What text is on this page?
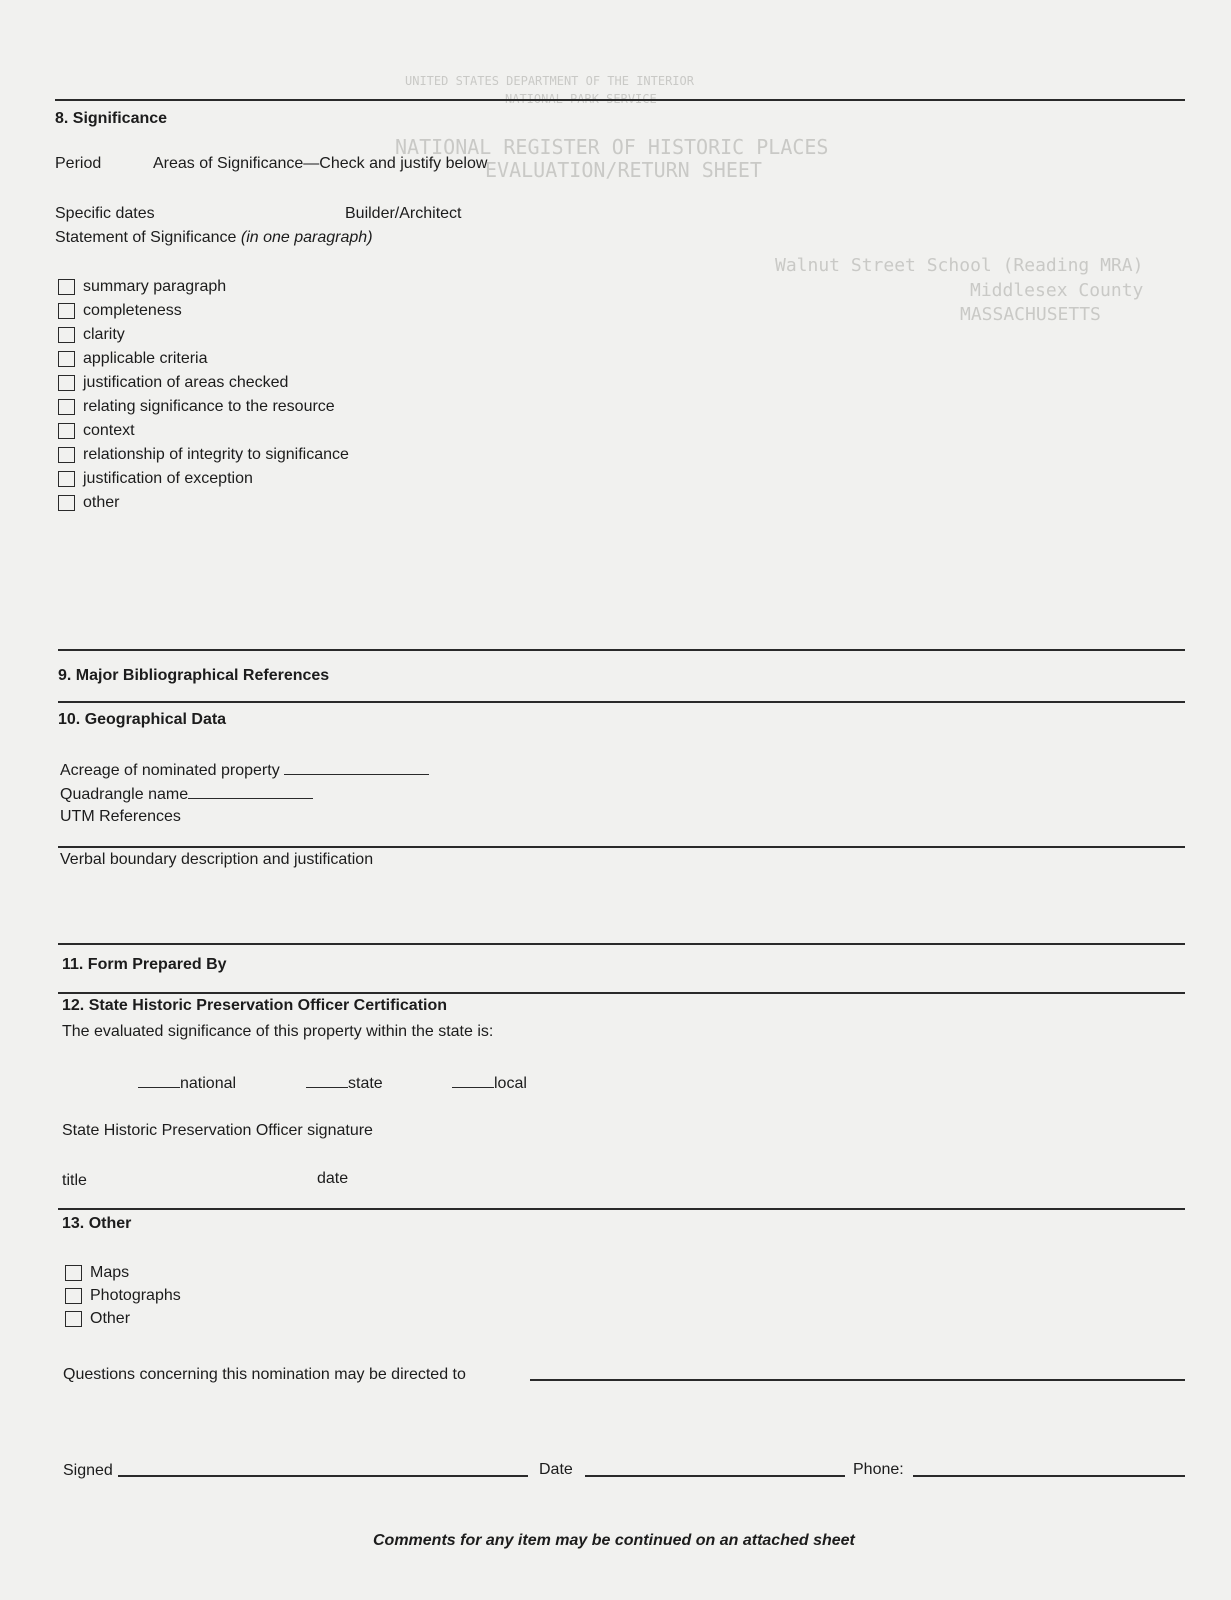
UNITED STATES DEPARTMENT OF THE INTERIOR
NATIONAL REGISTER OF HISTORIC PLACES
EVALUATION/RETURN SHEET
Walnut Street School (Reading MRA)
Middlesex County
MASSACHUSETTS
8. Significance
Period	Areas of Significance—Check and justify below
Specific dates	Builder/Architect
Statement of Significance (in one paragraph)
summary paragraph
completeness
clarity
applicable criteria
justification of areas checked
relating significance to the resource
context
relationship of integrity to significance
justification of exception
other
9. Major Bibliographical References
10. Geographical Data
Acreage of nominated property
Quadrangle name
UTM References
Verbal boundary description and justification
11. Form Prepared By
12. State Historic Preservation Officer Certification
The evaluated significance of this property within the state is:
national	state	local
State Historic Preservation Officer signature
title	date
13. Other
Maps
Photographs
Other
Questions concerning this nomination may be directed to
Signed	Date	Phone:
Comments for any item may be continued on an attached sheet
